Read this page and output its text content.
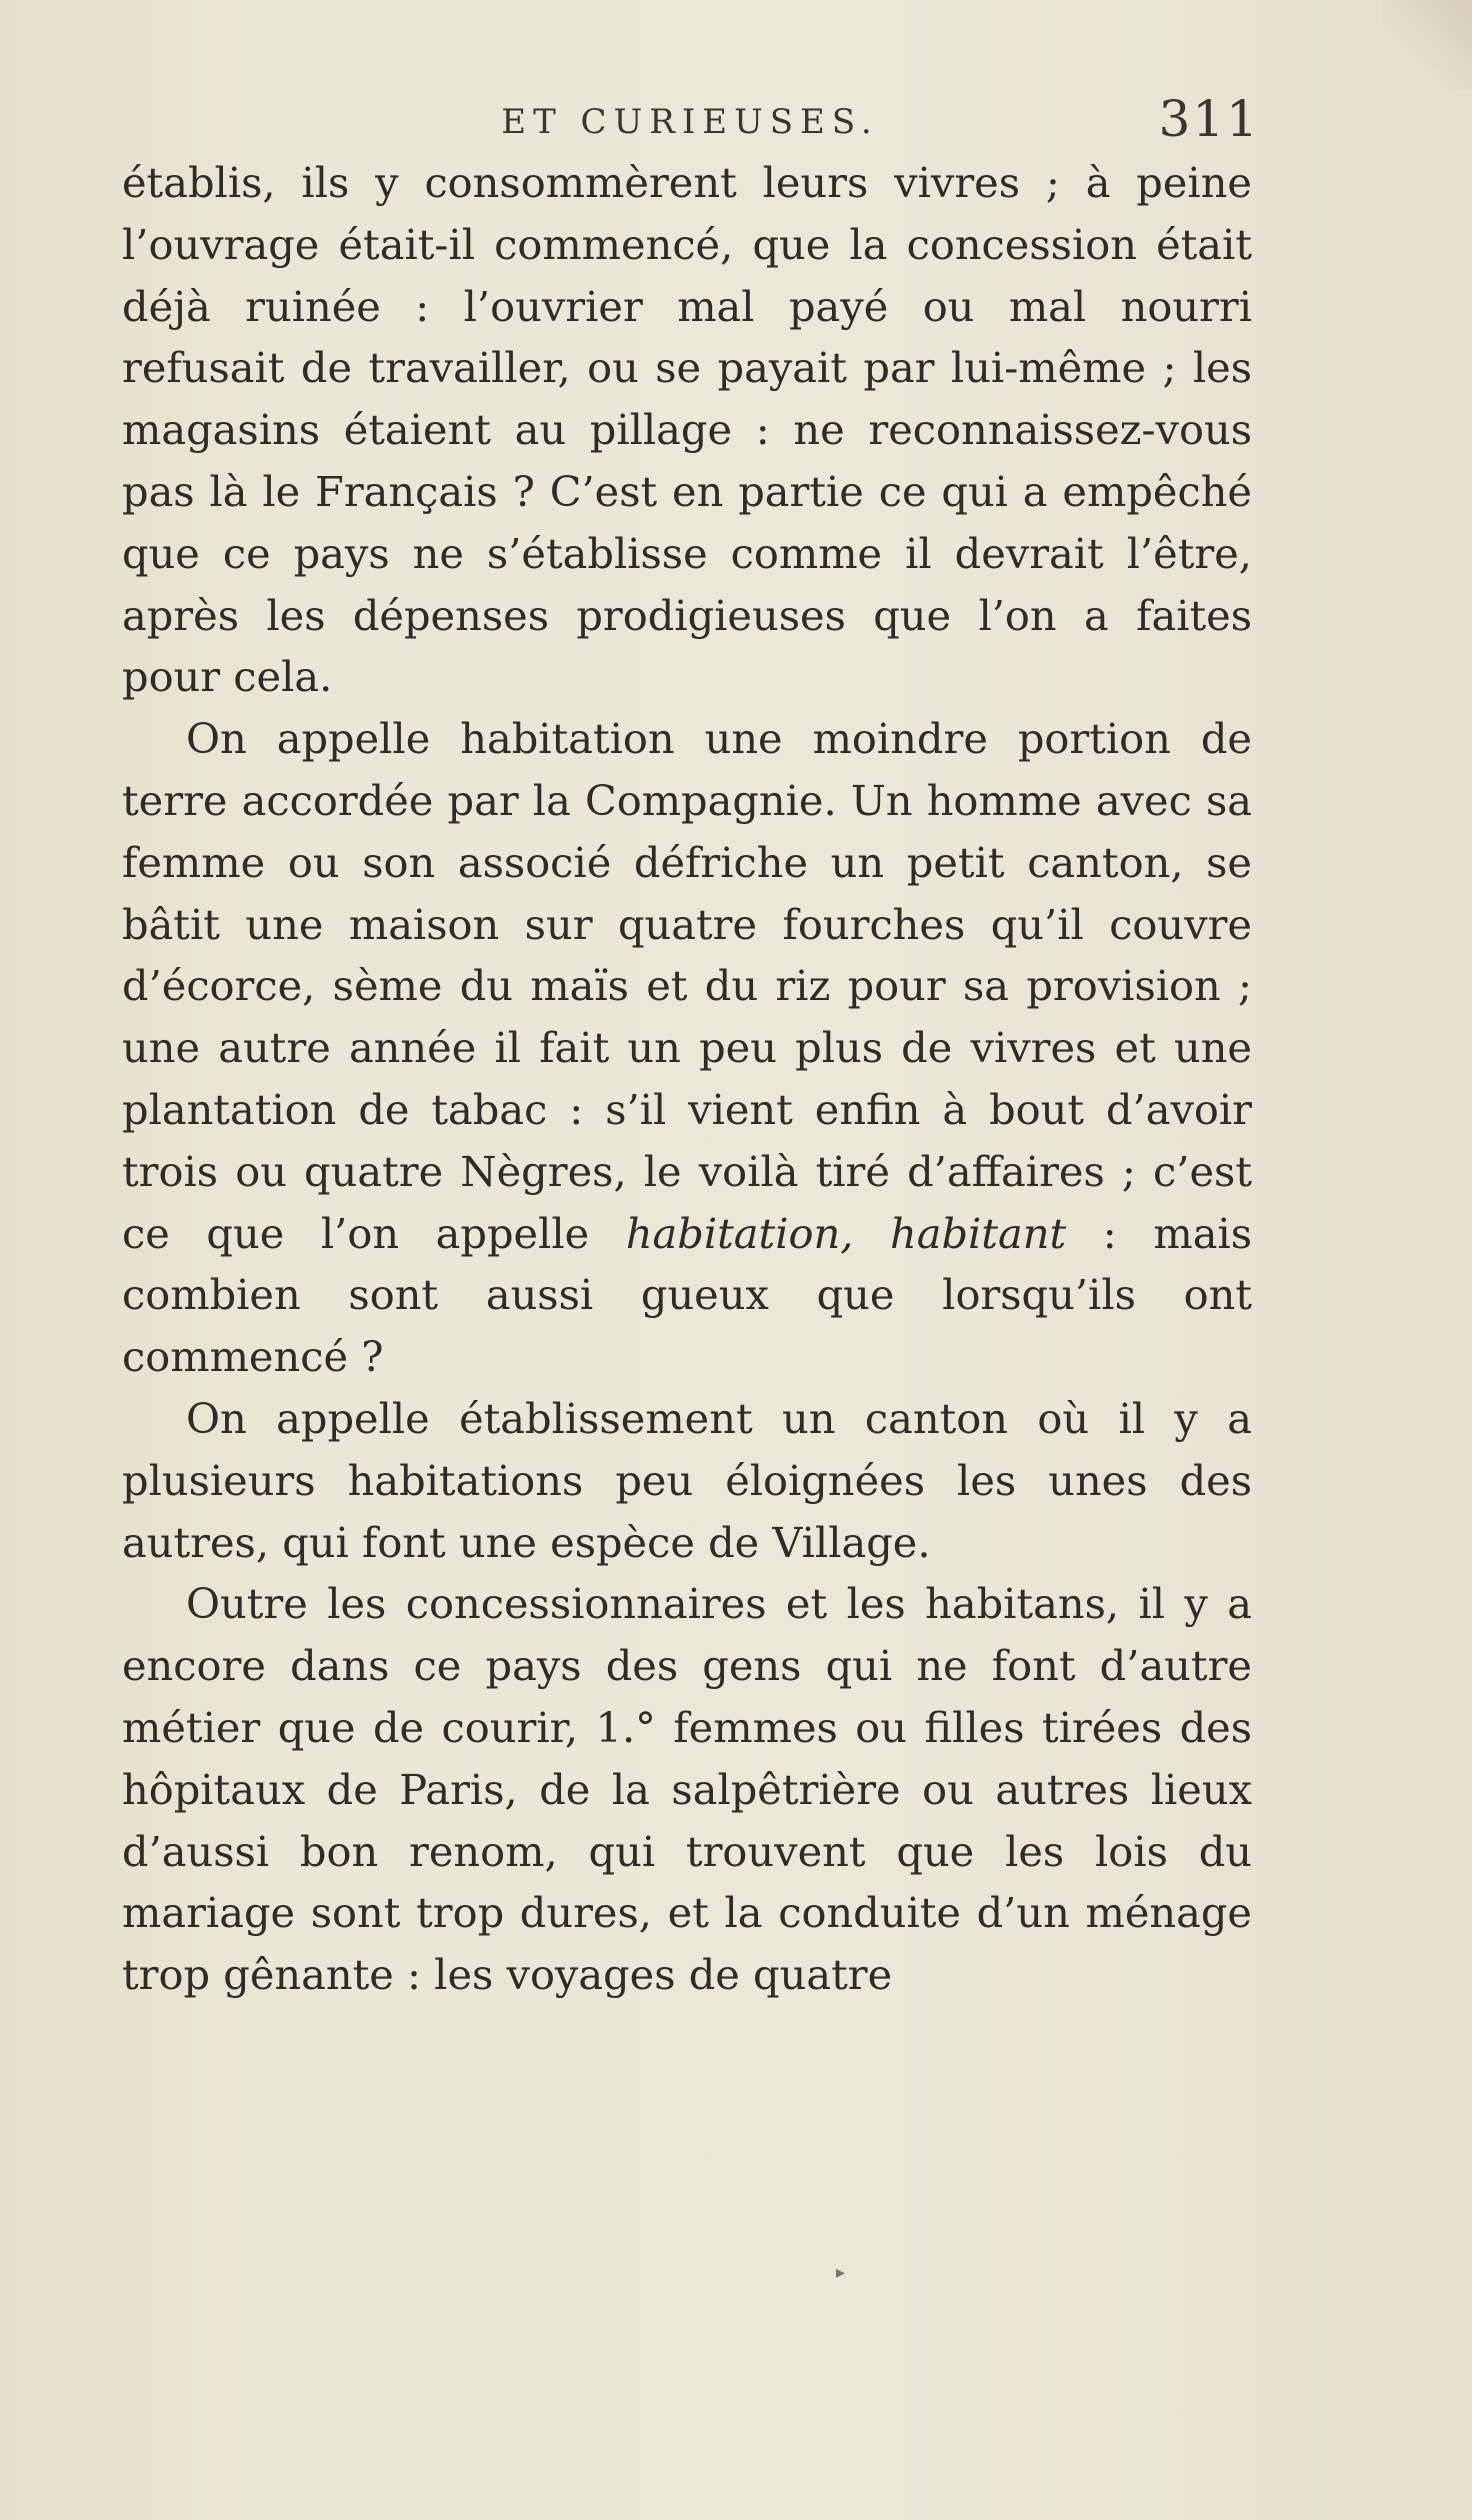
ET CURIEUSES.	311

établis, ils y consommèrent leurs vivres ; à peine l’ouvrage était-il commencé, que la concession était déjà ruinée : l’ouvrier mal payé ou mal nourri refusait de travailler, ou se payait par lui-même ; les magasins étaient au pillage : ne reconnaissez-vous pas là le Français ? C’est en partie ce qui a empêché que ce pays ne s’établisse comme il devrait l’être, après les dépenses prodigieuses que l’on a faites pour cela.

On appelle habitation une moindre portion de terre accordée par la Compagnie. Un homme avec sa femme ou son associé défriche un petit canton, se bâtit une maison sur quatre fourches qu’il couvre d’écorce, sème du maïs et du riz pour sa provision ; une autre année il fait un peu plus de vivres et une plantation de tabac : s’il vient enfin à bout d’avoir trois ou quatre Nègres, le voilà tiré d’affaires ; c’est ce que l’on appelle habitation, habitant : mais combien sont aussi gueux que lorsqu’ils ont commencé ?

On appelle établissement un canton où il y a plusieurs habitations peu éloignées les unes des autres, qui font une espèce de Village.

Outre les concessionnaires et les habitans, il y a encore dans ce pays des gens qui ne font d’autre métier que de courir, 1.° femmes ou filles tirées des hôpitaux de Paris, de la salpêtrière ou autres lieux d’aussi bon renom, qui trouvent que les lois du mariage sont trop dures, et la conduite d’un ménage trop gênante : les voyages de quatre

▸
